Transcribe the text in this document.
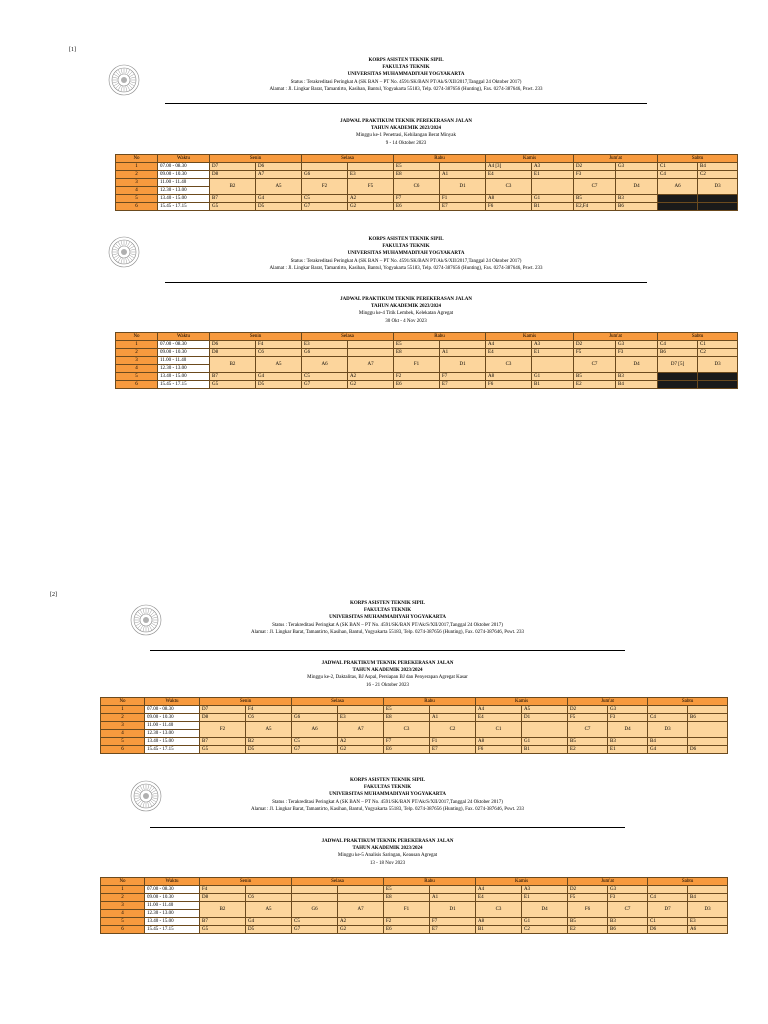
[1]
[2]
KORPS ASISTEN TEKNIK SIPIL
FAKULTAS TEKNIK
UNIVERSITAS MUHAMMADIYAH YOGYAKARTA
Status : Terakreditasi Peringkat A (SK BAN – PT No. 4591/SK/BAN PT/Ak/S/XII/2017,Tanggal 24 Oktober 2017)
Alamat : Jl. Lingkar Barat, Tamantirto, Kasihan, Bantul, Yogyakarta 55183, Telp. 0274-387656 (Hunting), Fax. 0274-387646, Pswt. 233
JADWAL PRAKTIKUM TEKNIK PEREKERASAN JALAN
TAHUN AKADEMIK 2023/2024
Minggu ke-1 Penetrasi, Kehilangan Berat Minyak
9 - 14 Oktober 2023
No	Waktu	Senin		Selasa		Rabu		Kamis		Jum'at		Sabtu	
1	07.00 - 08.30	D7	D6			E5		A4 [3]	A3	D2	G3	C1	B4
2	09.00 - 10.30	D8	A7	G6	E3	E8	A1	E4	E1	F3		C4	C2
3	11.00 - 11.40	B2	A5	F2	F5	C6	D1	C3		C7	D4	A6	D3
4	12.30 - 13.00												
5	13.40 - 15.00	B7	G4	C5	A2	F7	F1	A8	G1	B5	B3		
6	15.45 - 17.15	G5	D5	G7	G2	E6	E7	F6	B1	E2,F4	B6		
KORPS ASISTEN TEKNIK SIPIL
FAKULTAS TEKNIK
UNIVERSITAS MUHAMMADIYAH YOGYAKARTA
Status : Terakreditasi Peringkat A (SK BAN – PT No. 4591/SK/BAN PT/Ak/S/XII/2017,Tanggal 24 Oktober 2017)
Alamat : Jl. Lingkar Barat, Tamantirto, Kasihan, Bantul, Yogyakarta 55183, Telp. 0274-387656 (Hunting), Fax. 0274-387646, Pswt. 233
JADWAL PRAKTIKUM TEKNIK PEREKERASAN JALAN
TAHUN AKADEMIK 2023/2024
Minggu ke-4 Titik Lembek, Kelekatan Agregat
30 Okt - 4 Nov 2023
No	Waktu	Senin		Selasa		Rabu		Kamis		Jum'at		Sabtu	
1	07.00 - 08.30	D6	F4	E3		E5		A4	A3	D2	G3	C4	C1
2	09.00 - 10.30	D8	C6	G6		E8	A1	E4	E1	F5	F3	B6	C2
3	11.00 - 11.40	B2	A5	A6	A7	F1	D1	C3		C7	D4	D7 [5]	D3
4	12.30 - 13.00												
5	13.40 - 15.00	B7	G4	C5	A2	F2	F7	A8	G1	B5	B3		
6	15.45 - 17.15	G5	D5	G7	G2	E6	E7	F6	B1	E2	B4		
KORPS ASISTEN TEKNIK SIPIL
FAKULTAS TEKNIK
UNIVERSITAS MUHAMMADIYAH YOGYAKARTA
Status : Terakreditasi Peringkat A (SK BAN – PT No. 4591/SK/BAN PT/Ak/S/XII/2017,Tanggal 24 Oktober 2017)
Alamat : Jl. Lingkar Barat, Tamantirto, Kasihan, Bantul, Yogyakarta 55183, Telp. 0274-387656 (Hunting), Fax. 0274-387646, Pswt. 233
JADWAL PRAKTIKUM TEKNIK PEREKERASAN JALAN
TAHUN AKADEMIK 2023/2024
Minggu ke-2, Daktalitas, BJ Aspal, Persiapan BJ dan Penyerapan Agregat Kasar
16 - 21 Oktober 2023
No	Waktu	Senin		Selasa		Rabu		Kamis		Jum'at		Sabtu	
1	07.00 - 08.30	D7	F4			E5		A4	A5	D2	G3		
2	09.00 - 10.30	D8	C6	G6	E3	E8	A1	E4	D1	F5	F3	C4	B6
3	11.00 - 11.40	F2	A5	A6	A7	C3	C2	C1		C7	D4	D3	
4	12.30 - 13.00												
5	13.40 - 15.00	B7	B2	C5	A2	F7	F1	A8	G1	B5	B3	B4	
6	15.45 - 17.15	G5	D5	G7	G2	E6	E7	F6	B1	E2	E1	G4	D6
KORPS ASISTEN TEKNIK SIPIL
FAKULTAS TEKNIK
UNIVERSITAS MUHAMMADIYAH YOGYAKARTA
Status : Terakreditasi Peringkat A (SK BAN – PT No. 4591/SK/BAN PT/Ak/S/XII/2017,Tanggal 24 Oktober 2017)
Alamat : Jl. Lingkar Barat, Tamantirto, Kasihan, Bantul, Yogyakarta 55183, Telp. 0274-387656 (Hunting), Fax. 0274-387646, Pswt. 233
JADWAL PRAKTIKUM TEKNIK PEREKERASAN JALAN
TAHUN AKADEMIK 2023/2024
Minggu ke-5 Analisis Saringan, Keausan Agregat
13 - 18 Nov 2023
No	Waktu	Senin		Selasa		Rabu		Kamis		Jum'at		Sabtu	
1	07.00 - 08.30	F4				E5		A4	A3	D2	G3		
2	09.00 - 10.30	D8	C6			E8	A1	E4	E1	F5	F3	C4	B4
3	11.00 - 11.40	B2	A5	G6	A7	F1	D1	C3	D4	F6	C7	D7	D3
4	12.30 - 13.00												
5	13.40 - 15.00	B7	G4	C5	A2	F2	F7	A8	G1	B5	B3	C1	E3
6	15.45 - 17.15	G5	D5	G7	G2	E6	E7	B1	C2	E2	B6	D6	A6
